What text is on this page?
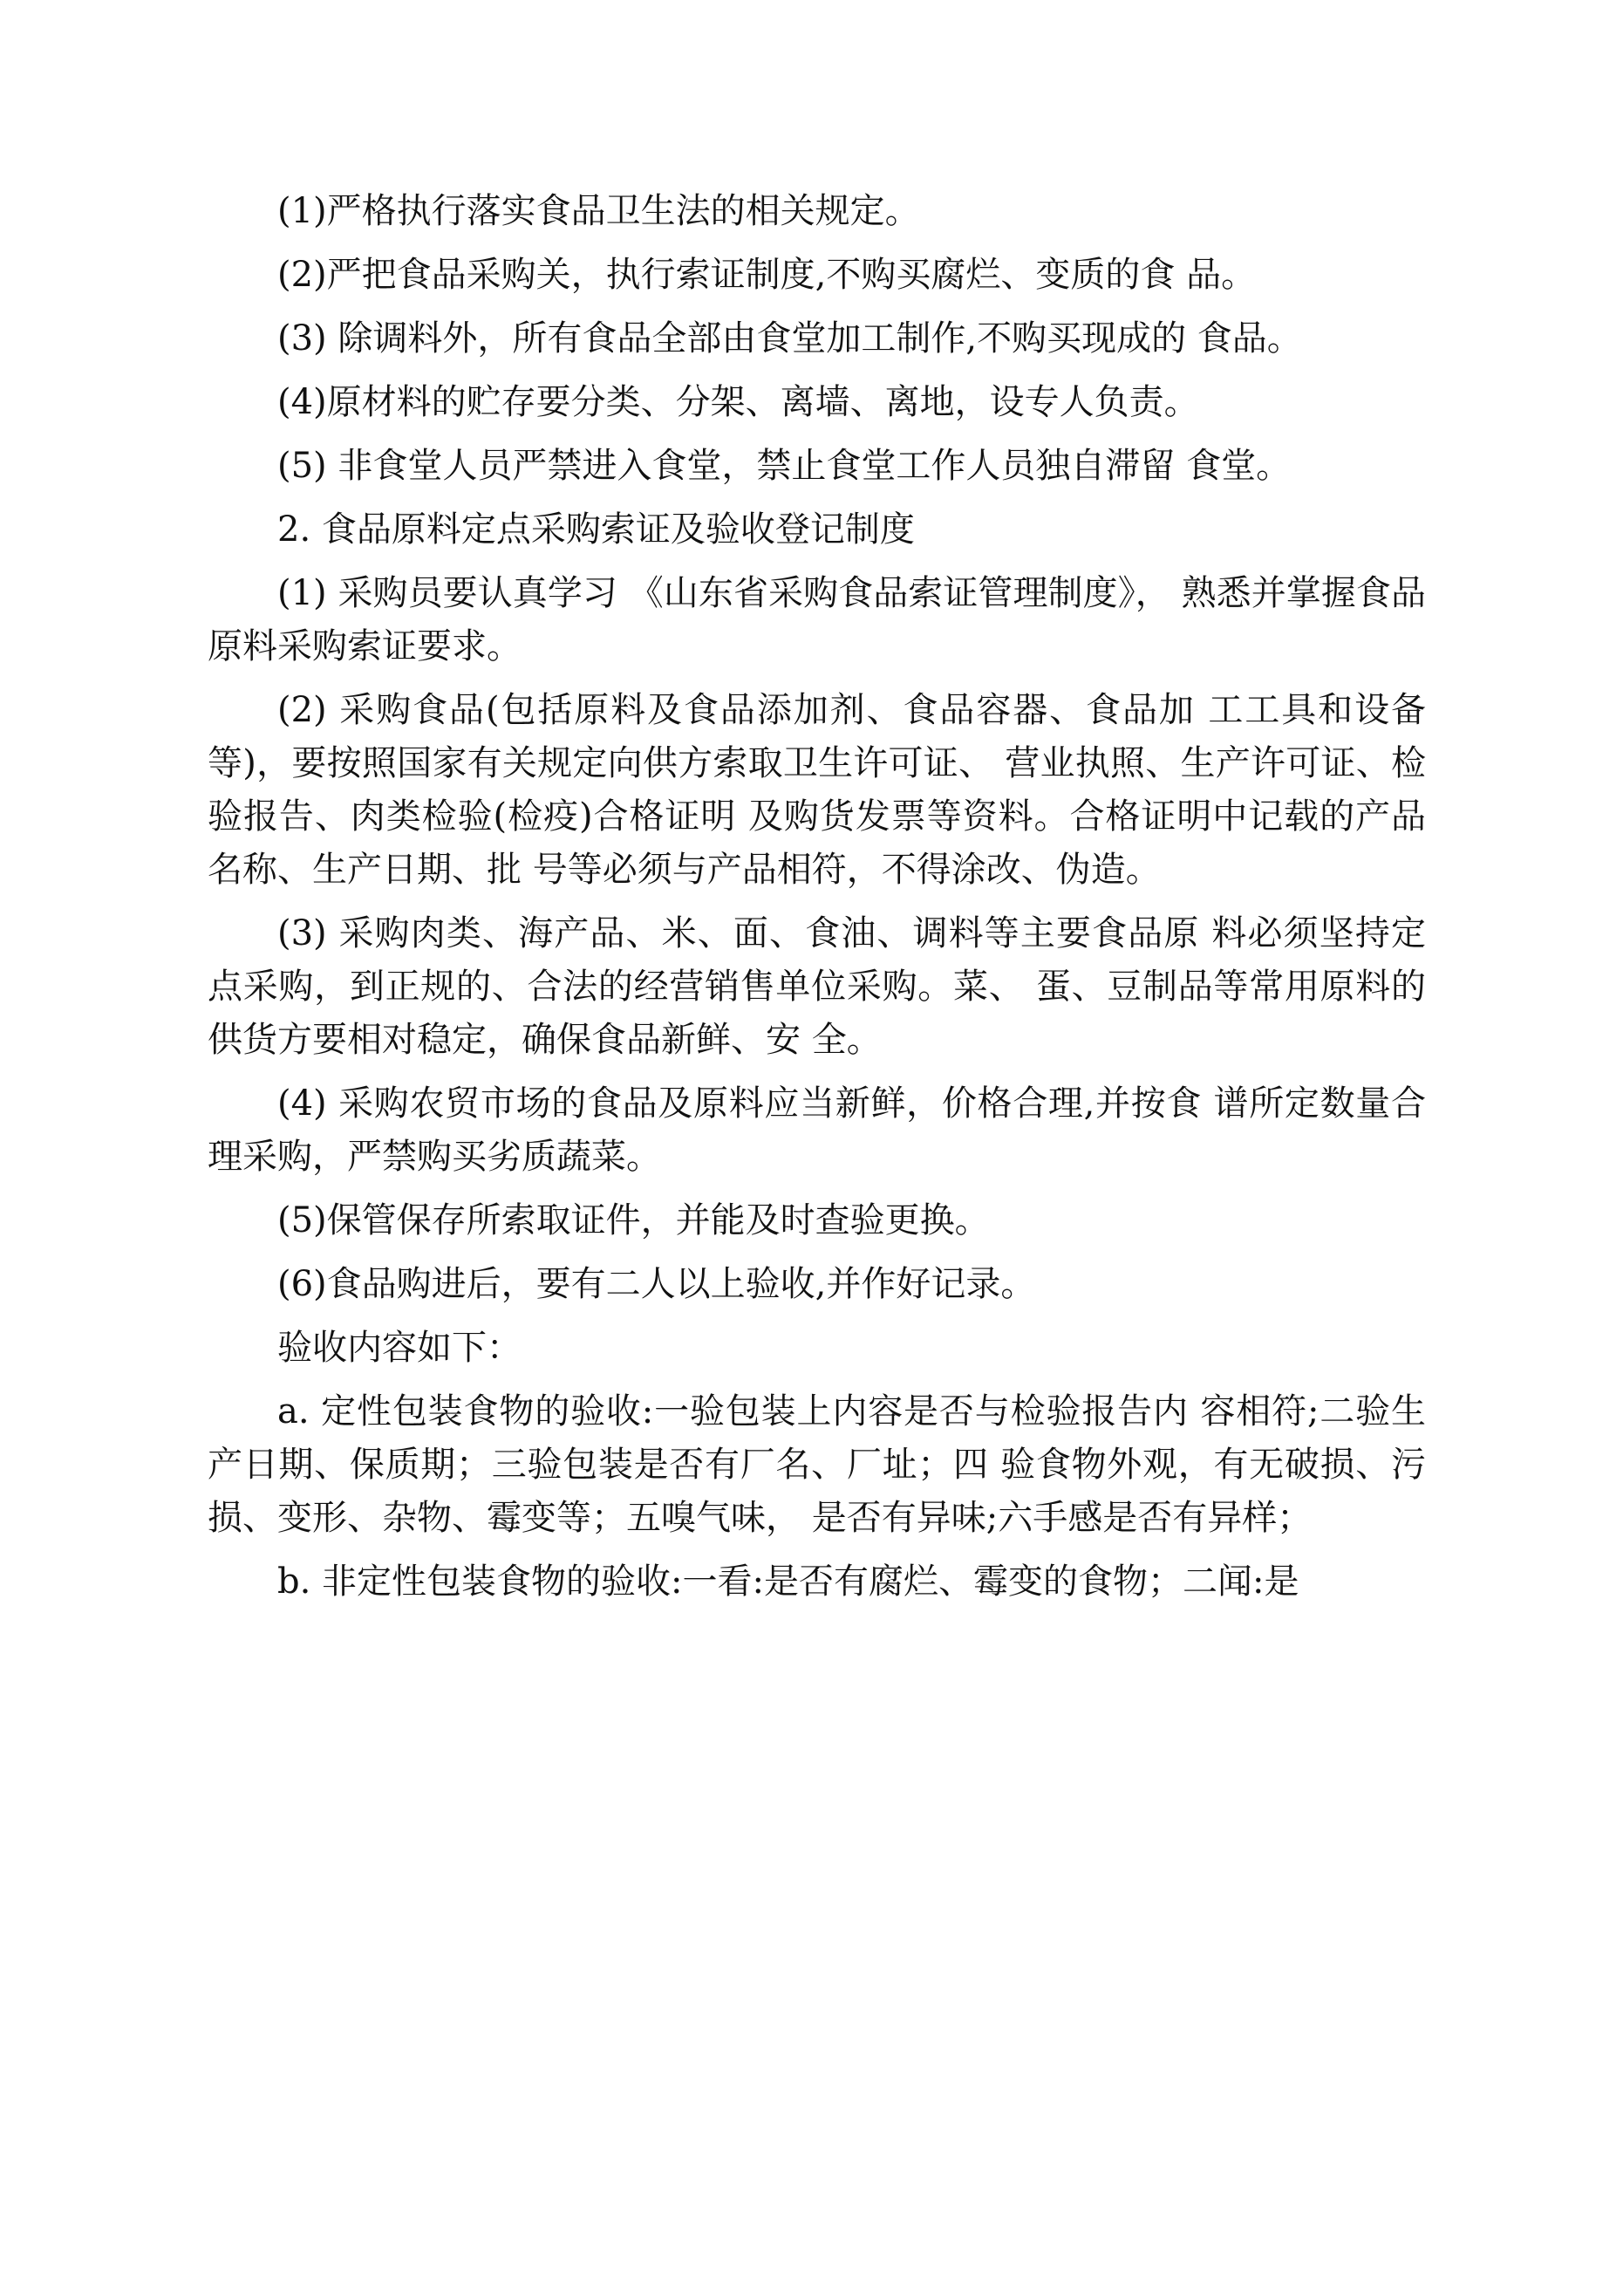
(1)严格执行落实食品卫生法的相关规定。

(2)严把食品采购关，执行索证制度,不购买腐烂、变质的食 品。

(3) 除调料外，所有食品全部由食堂加工制作,不购买现成的 食品。

(4)原材料的贮存要分类、分架、离墙、离地，设专人负责。

(5) 非食堂人员严禁进入食堂，禁止食堂工作人员独自滞留 食堂。

2. 食品原料定点采购索证及验收登记制度

(1) 采购员要认真学习 《山东省采购食品索证管理制度》， 熟悉并掌握食品原料采购索证要求。

(2) 采购食品(包括原料及食品添加剂、食品容器、食品加 工工具和设备等)，要按照国家有关规定向供方索取卫生许可证、 营业执照、生产许可证、检验报告、肉类检验(检疫)合格证明 及购货发票等资料。合格证明中记载的产品名称、生产日期、批 号等必须与产品相符，不得涂改、伪造。

(3) 采购肉类、海产品、米、面、食油、调料等主要食品原 料必须坚持定点采购，到正规的、合法的经营销售单位采购。菜、 蛋、豆制品等常用原料的供货方要相对稳定，确保食品新鲜、安 全。

(4) 采购农贸市场的食品及原料应当新鲜，价格合理,并按食 谱所定数量合理采购，严禁购买劣质蔬菜。

(5)保管保存所索取证件，并能及时查验更换。

(6)食品购进后，要有二人以上验收,并作好记录。

验收内容如下：

a. 定性包装食物的验收:一验包装上内容是否与检验报告内 容相符;二验生产日期、保质期；三验包装是否有厂名、厂址；四 验食物外观，有无破损、污损、变形、杂物、霉变等；五嗅气味， 是否有异味;六手感是否有异样；

b. 非定性包装食物的验收:一看:是否有腐烂、霉变的食物；二闻:是
